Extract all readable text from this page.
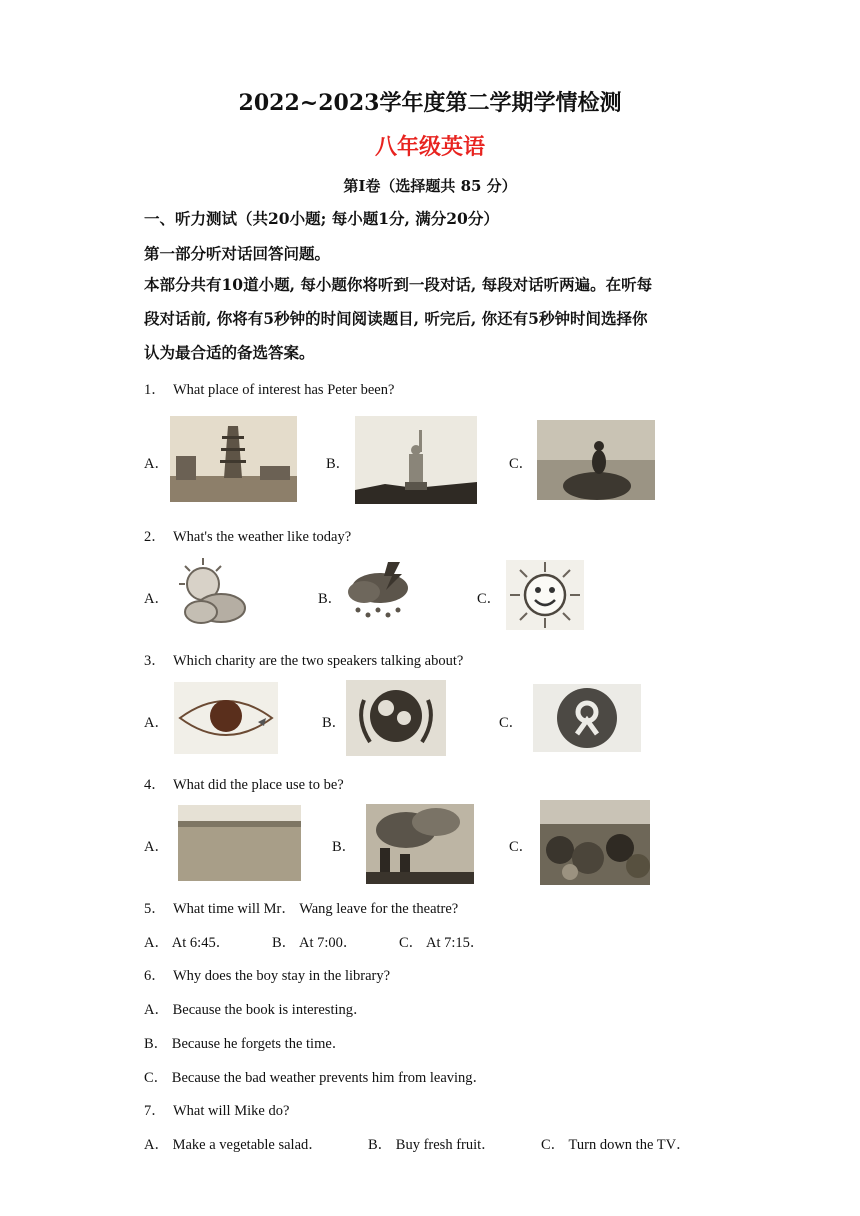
2022~2023学年度第二学期学情检测
八年级英语
第I卷（选择题共 85 分）
一、听力测试（共20小题; 每小题1分, 满分20分）
第一部分听对话回答问题。
本部分共有10道小题, 每小题你将听到一段对话, 每段对话听两遍。在听每
段对话前, 你将有5秒钟的时间阅读题目, 听完后, 你还有5秒钟时间选择你
认为最合适的备选答案。
1． What place of interest has Peter been?
A．	B．	C．
2． What's the weather like today?
A．	B．	C．
3． Which charity are the two speakers talking about?
A．	B．	C．
4． What did the place use to be?
A．	B．	C．
5． What time will Mr． Wang leave for the theatre?
A． At 6:45．	B． At 7:00．	C． At 7:15．
6． Why does the boy stay in the library?
A． Because the book is interesting．
B． Because he forgets the time．
C． Because the bad weather prevents him from leaving．
7． What will Mike do?
A． Make a vegetable salad．	B． Buy fresh fruit．	C． Turn down the TV．
